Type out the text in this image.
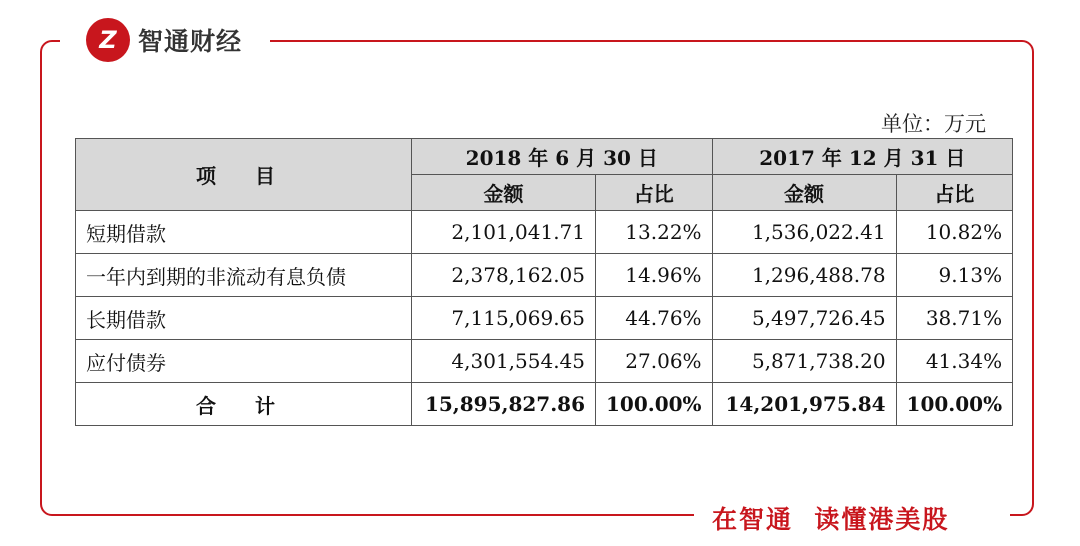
Z 智通财经
单位：万元
项 目	2018 年 6 月 30 日		2017 年 12 月 31 日	
	金额	占比	金额	占比
短期借款	2,101,041.71	13.22%	1,536,022.41	10.82%
一年内到期的非流动有息负债	2,378,162.05	14.96%	1,296,488.78	9.13%
长期借款	7,115,069.65	44.76%	5,497,726.45	38.71%
应付债券	4,301,554.45	27.06%	5,871,738.20	41.34%
合 计	15,895,827.86	100.00%	14,201,975.84	100.00%
在智通  读懂港美股
